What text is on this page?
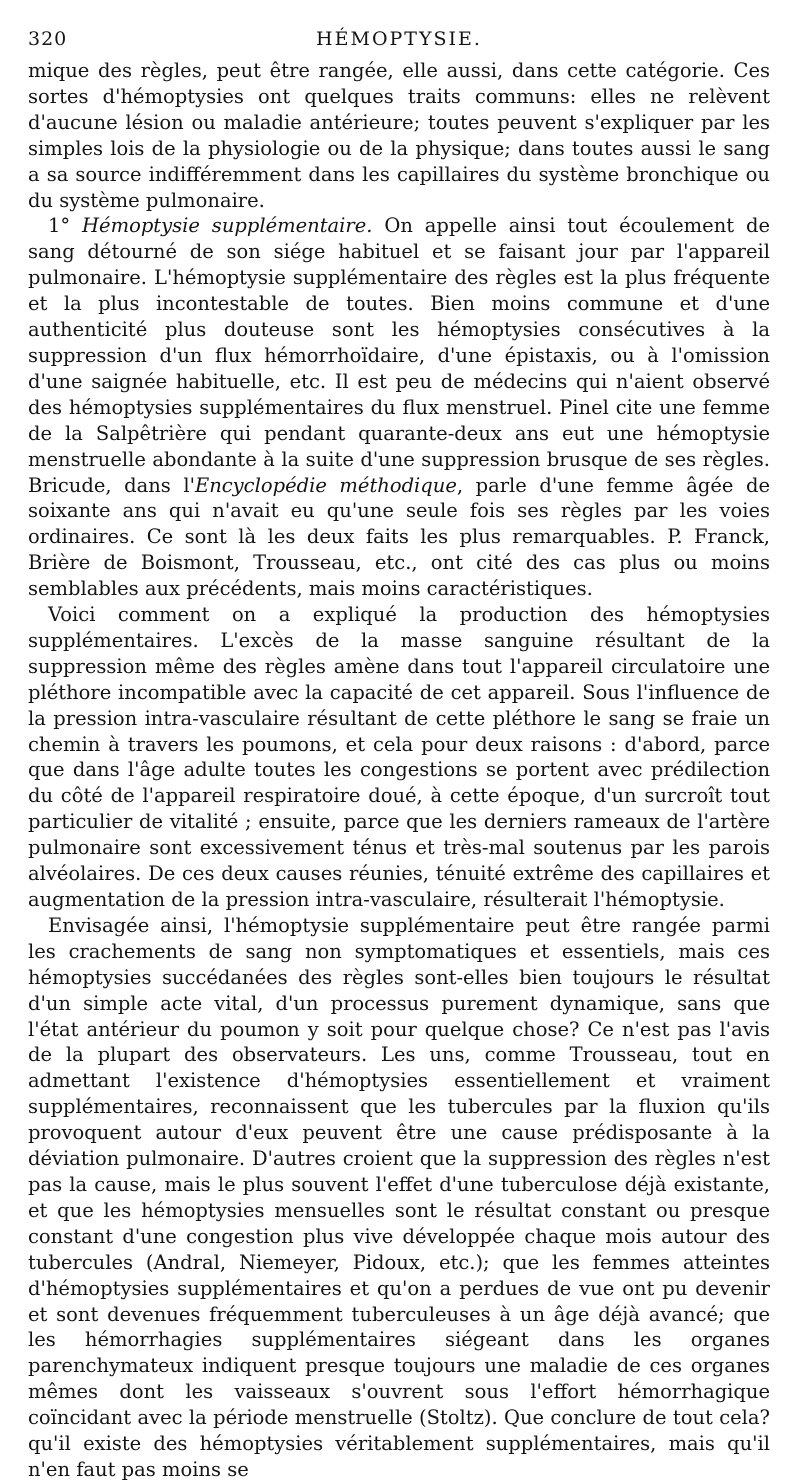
320	HÉMOPTYSIE.

mique des règles, peut être rangée, elle aussi, dans cette catégorie. Ces sortes d'hémoptysies ont quelques traits communs: elles ne relèvent d'aucune lésion ou maladie antérieure; toutes peuvent s'expliquer par les simples lois de la physiologie ou de la physique; dans toutes aussi le sang a sa source indifféremment dans les capillaires du système bronchique ou du système pulmonaire.

1° Hémoptysie supplémentaire. On appelle ainsi tout écoulement de sang détourné de son siége habituel et se faisant jour par l'appareil pulmonaire. L'hémoptysie supplémentaire des règles est la plus fréquente et la plus incontestable de toutes. Bien moins commune et d'une authenticité plus douteuse sont les hémoptysies consécutives à la suppression d'un flux hémorrhoïdaire, d'une épistaxis, ou à l'omission d'une saignée habituelle, etc. Il est peu de médecins qui n'aient observé des hémoptysies supplémentaires du flux menstruel. Pinel cite une femme de la Salpêtrière qui pendant quarante-deux ans eut une hémoptysie menstruelle abondante à la suite d'une suppression brusque de ses règles. Bricude, dans l'Encyclopédie méthodique, parle d'une femme âgée de soixante ans qui n'avait eu qu'une seule fois ses règles par les voies ordinaires. Ce sont là les deux faits les plus remarquables. P. Franck, Brière de Boismont, Trousseau, etc., ont cité des cas plus ou moins semblables aux précédents, mais moins caractéristiques.

Voici comment on a expliqué la production des hémoptysies supplémentaires. L'excès de la masse sanguine résultant de la suppression même des règles amène dans tout l'appareil circulatoire une pléthore incompatible avec la capacité de cet appareil. Sous l'influence de la pression intra-vasculaire résultant de cette pléthore le sang se fraie un chemin à travers les poumons, et cela pour deux raisons : d'abord, parce que dans l'âge adulte toutes les congestions se portent avec prédilection du côté de l'appareil respiratoire doué, à cette époque, d'un surcroît tout particulier de vitalité ; ensuite, parce que les derniers rameaux de l'artère pulmonaire sont excessivement ténus et très-mal soutenus par les parois alvéolaires. De ces deux causes réunies, ténuité extrême des capillaires et augmentation de la pression intra-vasculaire, résulterait l'hémoptysie.

Envisagée ainsi, l'hémoptysie supplémentaire peut être rangée parmi les crachements de sang non symptomatiques et essentiels, mais ces hémoptysies succédanées des règles sont-elles bien toujours le résultat d'un simple acte vital, d'un processus purement dynamique, sans que l'état antérieur du poumon y soit pour quelque chose? Ce n'est pas l'avis de la plupart des observateurs. Les uns, comme Trousseau, tout en admettant l'existence d'hémoptysies essentiellement et vraiment supplémentaires, reconnaissent que les tubercules par la fluxion qu'ils provoquent autour d'eux peuvent être une cause prédisposante à la déviation pulmonaire. D'autres croient que la suppression des règles n'est pas la cause, mais le plus souvent l'effet d'une tuberculose déjà existante, et que les hémoptysies mensuelles sont le résultat constant ou presque constant d'une congestion plus vive développée chaque mois autour des tubercules (Andral, Niemeyer, Pidoux, etc.); que les femmes atteintes d'hémoptysies supplémentaires et qu'on a perdues de vue ont pu devenir et sont devenues fréquemment tuberculeuses à un âge déjà avancé; que les hémorrhagies supplémentaires siégeant dans les organes parenchymateux indiquent presque toujours une maladie de ces organes mêmes dont les vaisseaux s'ouvrent sous l'effort hémorrhagique coïncidant avec la période menstruelle (Stoltz). Que conclure de tout cela? qu'il existe des hémoptysies véritablement supplémentaires, mais qu'il n'en faut pas moins se
